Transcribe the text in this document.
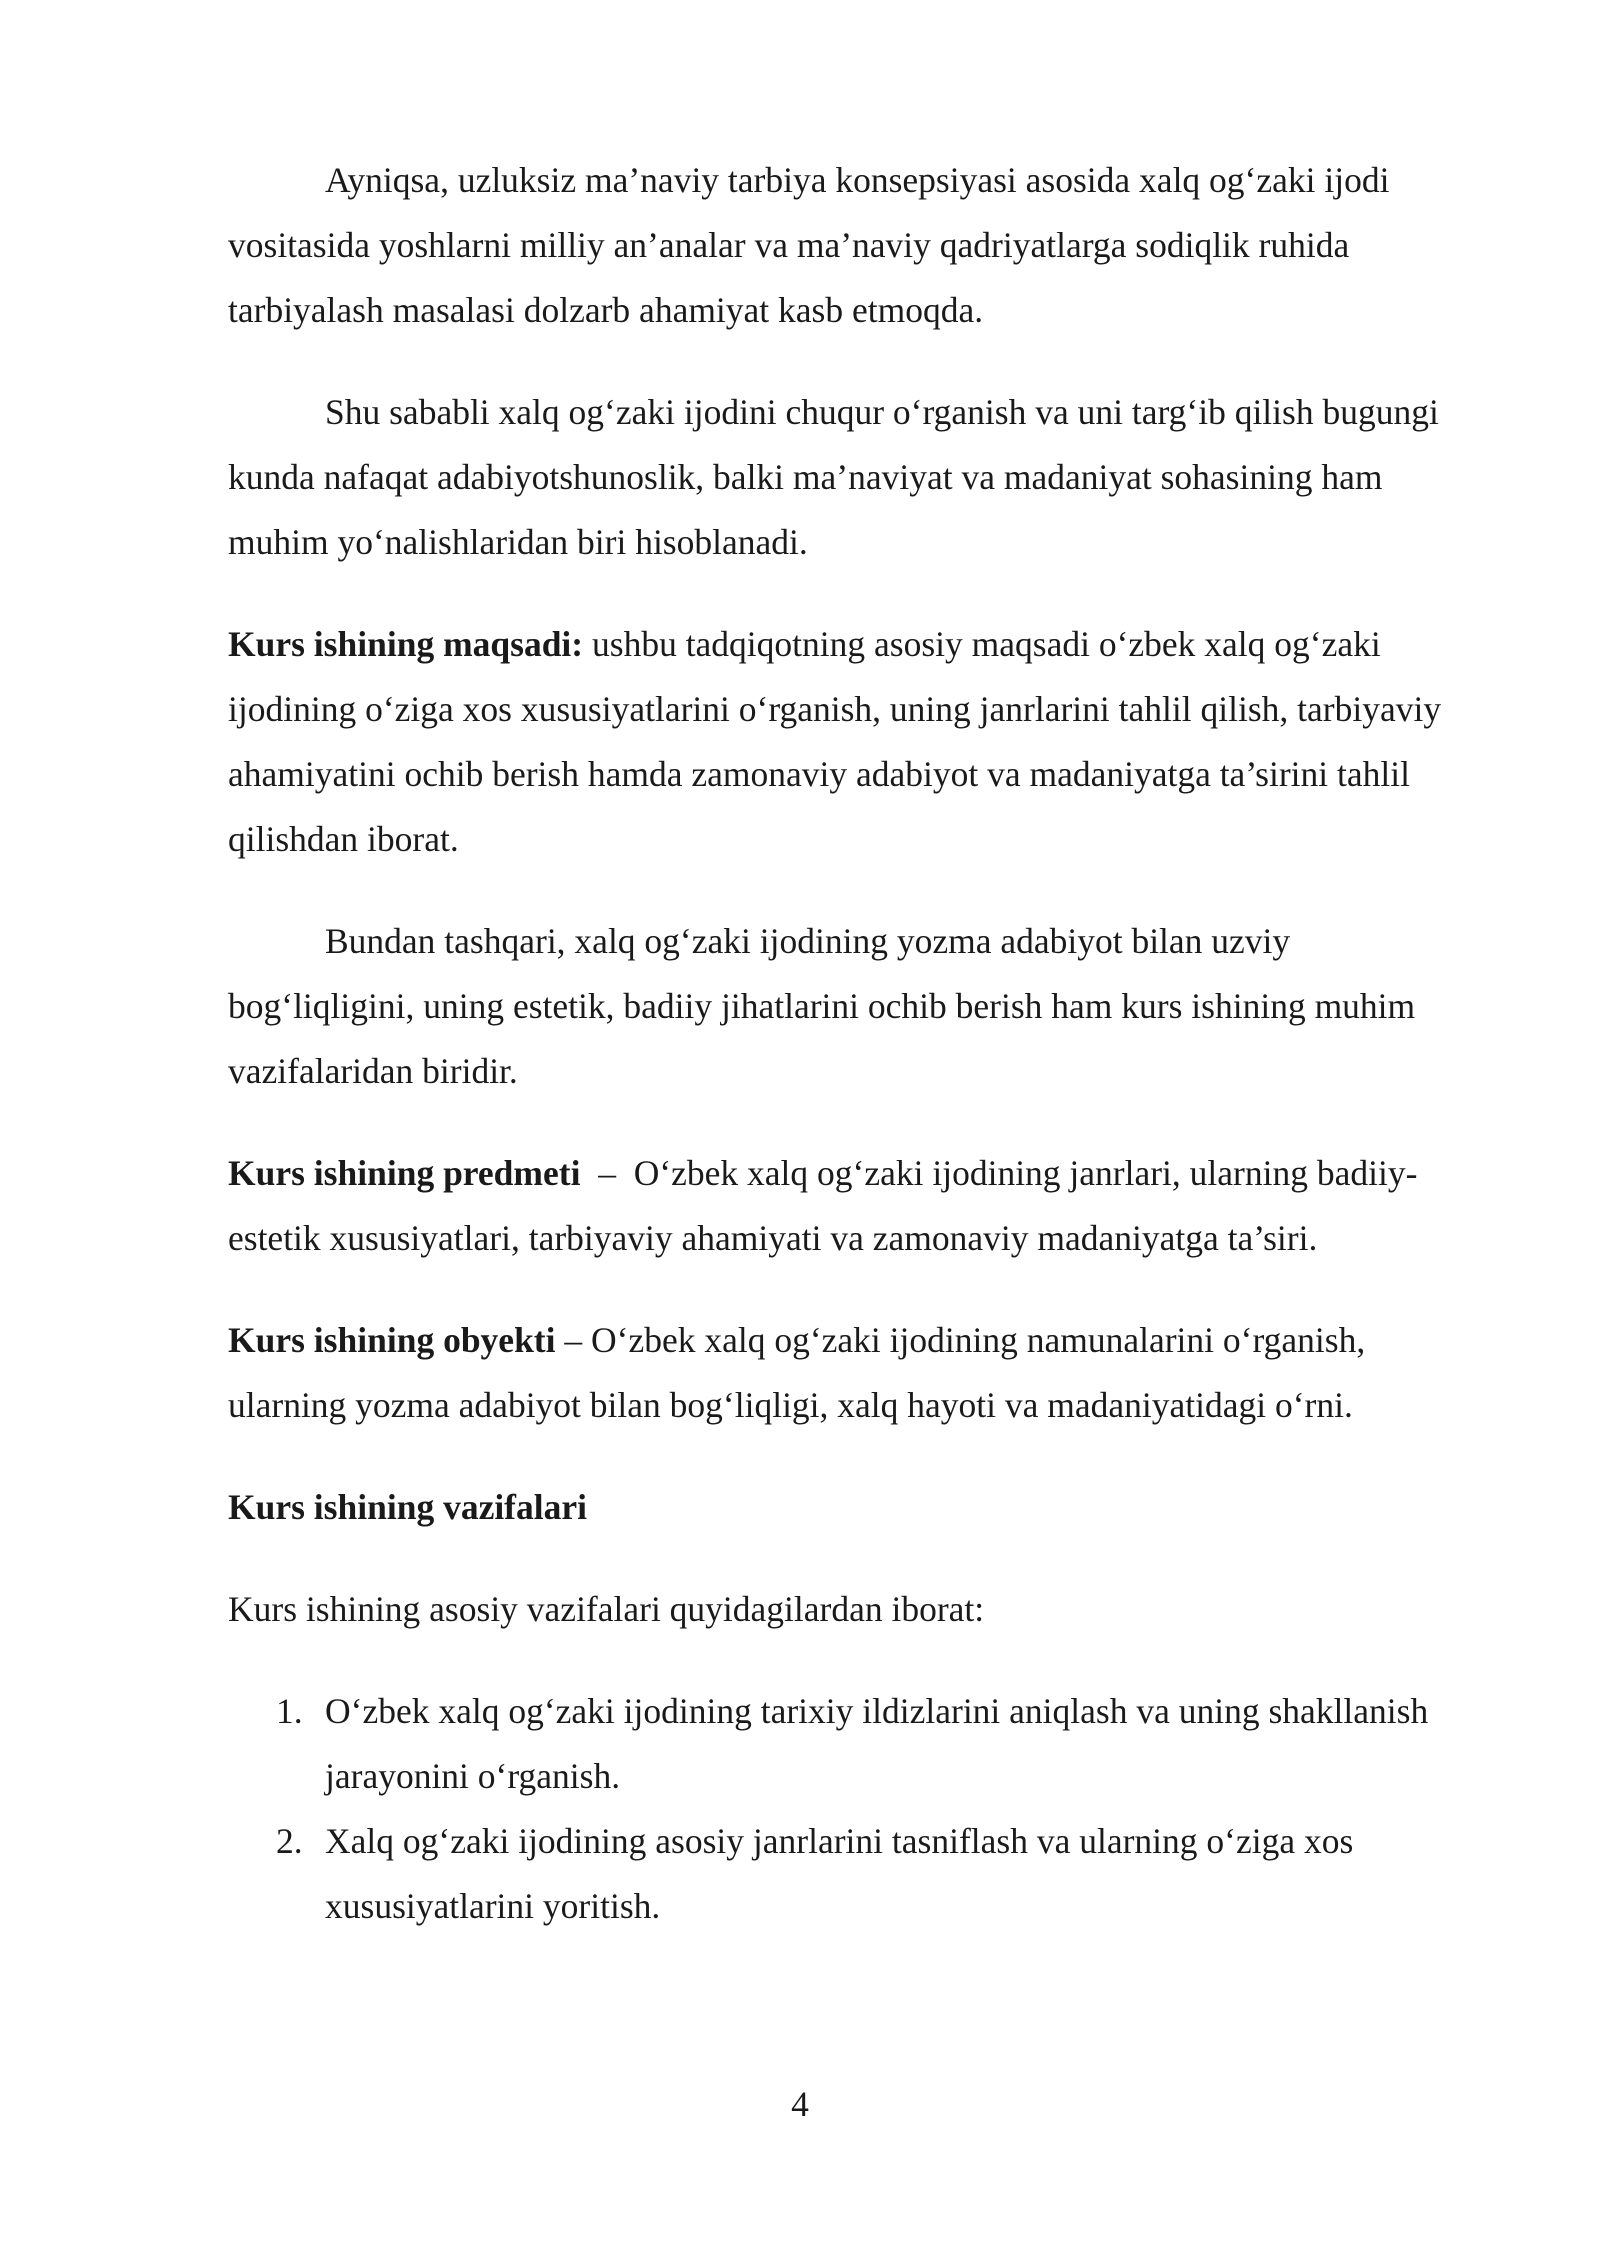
Ayniqsa, uzluksiz ma’naviy tarbiya konsepsiyasi asosida xalq og‘zaki ijodi vositasida yoshlarni milliy an’analar va ma’naviy qadriyatlarga sodiqlik ruhida tarbiyalash masalasi dolzarb ahamiyat kasb etmoqda.

Shu sababli xalq og‘zaki ijodini chuqur o‘rganish va uni targ‘ib qilish bugungi kunda nafaqat adabiyotshunoslik, balki ma’naviyat va madaniyat sohasining ham muhim yo‘nalishlaridan biri hisoblanadi.

Kurs ishining maqsadi: ushbu tadqiqotning asosiy maqsadi o‘zbek xalq og‘zaki ijodining o‘ziga xos xususiyatlarini o‘rganish, uning janrlarini tahlil qilish, tarbiyaviy ahamiyatini ochib berish hamda zamonaviy adabiyot va madaniyatga ta’sirini tahlil qilishdan iborat.

Bundan tashqari, xalq og‘zaki ijodining yozma adabiyot bilan uzviy bog‘liqligini, uning estetik, badiiy jihatlarini ochib berish ham kurs ishining muhim vazifalaridan biridir.

Kurs ishining predmeti  –  O‘zbek xalq og‘zaki ijodining janrlari, ularning badiiy-estetik xususiyatlari, tarbiyaviy ahamiyati va zamonaviy madaniyatga ta’siri.

Kurs ishining obyekti – O‘zbek xalq og‘zaki ijodining namunalarini o‘rganish, ularning yozma adabiyot bilan bog‘liqligi, xalq hayoti va madaniyatidagi o‘rni.

Kurs ishining vazifalari

Kurs ishining asosiy vazifalari quyidagilardan iborat:

1. O‘zbek xalq og‘zaki ijodining tarixiy ildizlarini aniqlash va uning shakllanish jarayonini o‘rganish.
2. Xalq og‘zaki ijodining asosiy janrlarini tasniflash va ularning o‘ziga xos xususiyatlarini yoritish.
4
